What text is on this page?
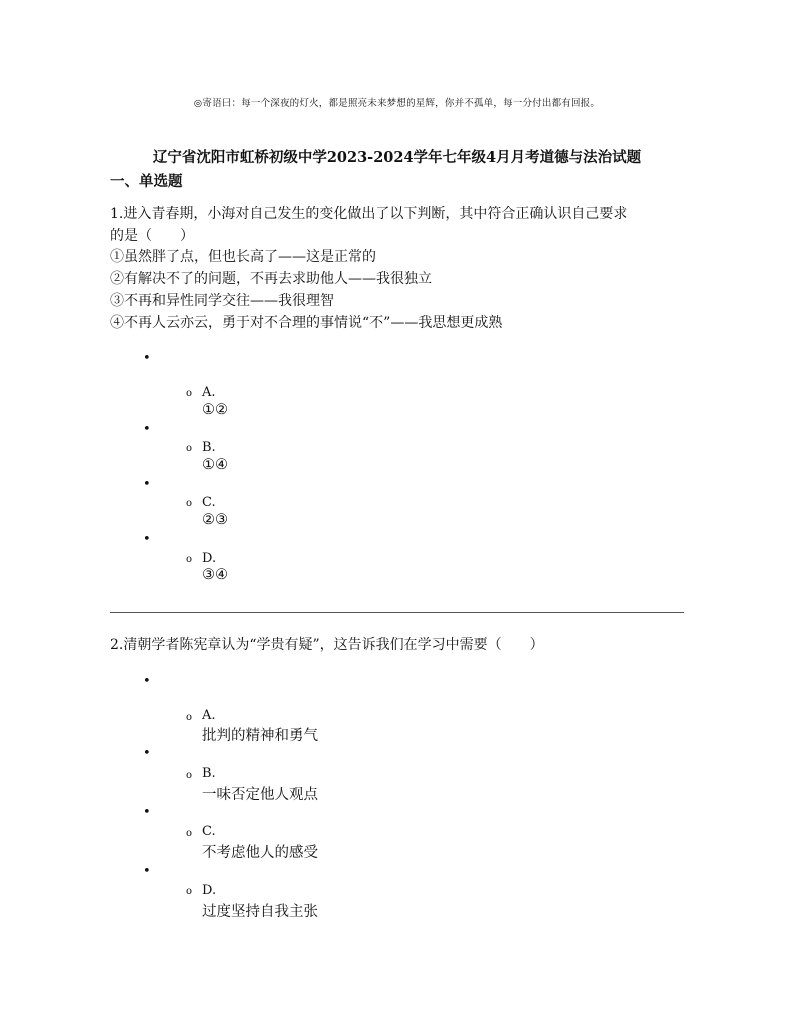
◎寄语曰：每一个深夜的灯火，都是照亮未来梦想的星辉，你并不孤单，每一分付出都有回报。
辽宁省沈阳市虹桥初级中学2023-2024学年七年级4月月考道德与法治试题
一、单选题
1.进入青春期，小海对自己发生的变化做出了以下判断，其中符合正确认识自己要求
的是（　　）
①虽然胖了点，但也长高了——这是正常的
②有解决不了的问题，不再去求助他人——我很独立
③不再和异性同学交往——我很理智
④不再人云亦云，勇于对不合理的事情说“不”——我思想更成熟
•
o A.
①②
•
o B.
①④
•
o C.
②③
•
o D.
③④
2.清朝学者陈宪章认为“学贵有疑”，这告诉我们在学习中需要（　　）
•
o A.
批判的精神和勇气
•
o B.
一味否定他人观点
•
o C.
不考虑他人的感受
•
o D.
过度坚持自我主张
